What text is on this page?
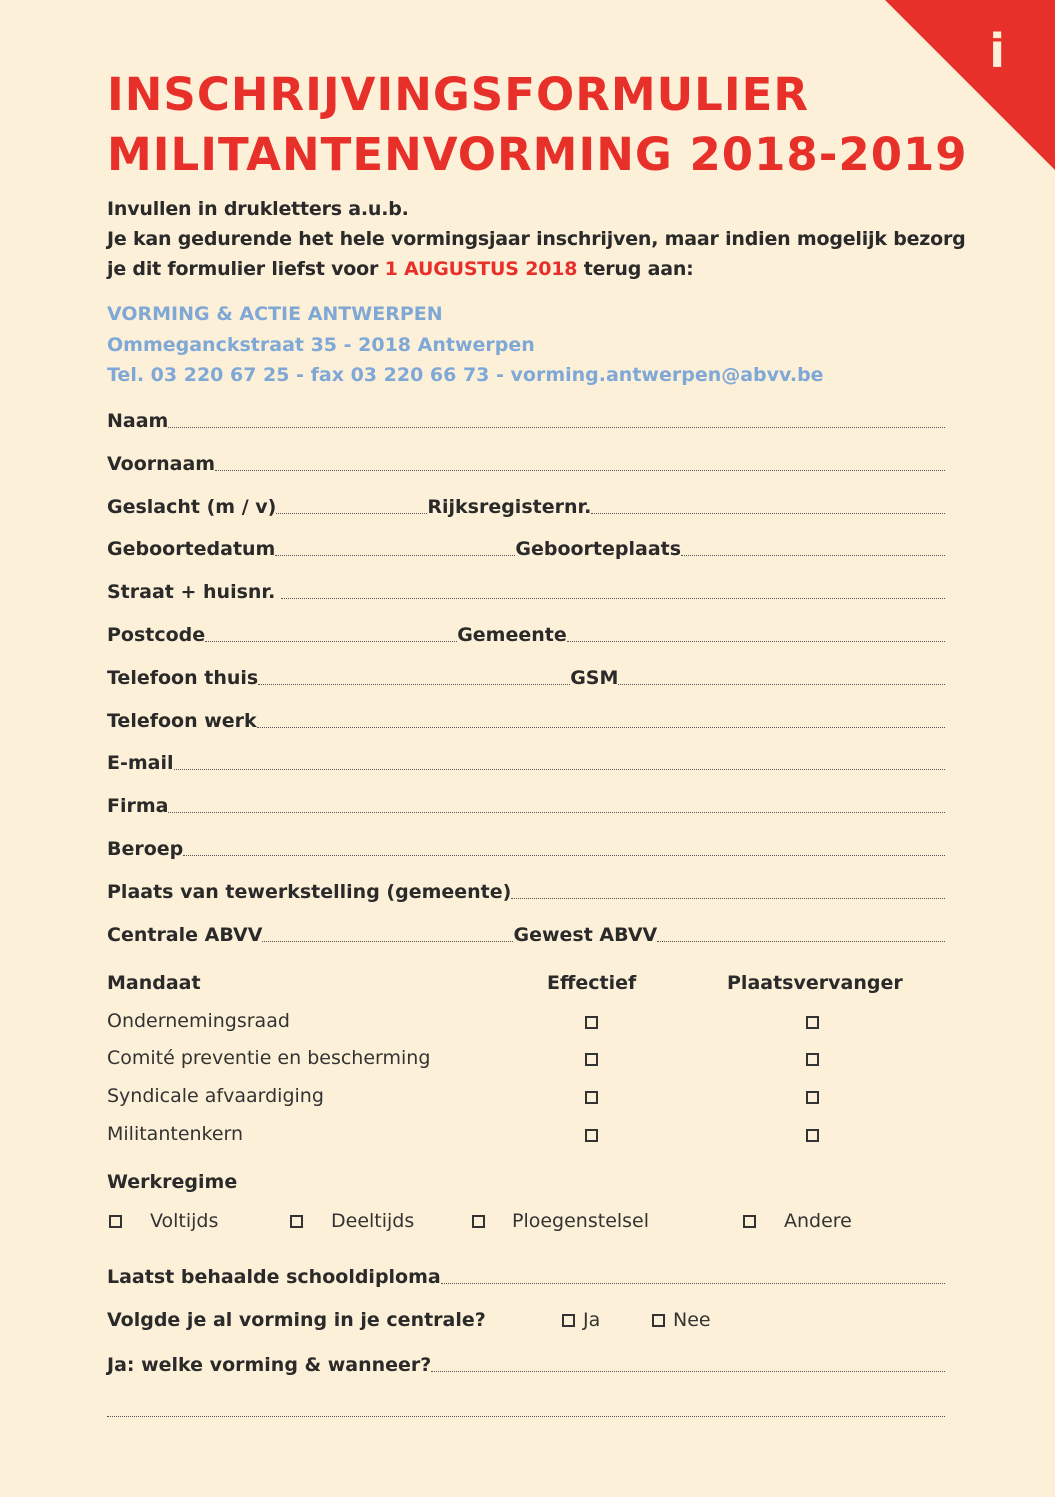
i
INSCHRIJVINGSFORMULIER
MILITANTENVORMING 2018-2019
Invullen in drukletters a.u.b.
Je kan gedurende het hele vormingsjaar inschrijven, maar indien mogelijk bezorg
je dit formulier liefst voor 1 AUGUSTUS 2018 terug aan:
VORMING & ACTIE ANTWERPEN
Ommeganckstraat 35 - 2018 Antwerpen
Tel. 03 220 67 25 - fax 03 220 66 73 - vorming.antwerpen@abvv.be
Naam
Voornaam
Geslacht (m / v)	Rijksregisternr.
Geboortedatum	Geboorteplaats
Straat + huisnr.
Postcode	Gemeente
Telefoon thuis	GSM
Telefoon werk
E-mail
Firma
Beroep
Plaats van tewerkstelling (gemeente)
Centrale ABVV	Gewest ABVV
Mandaat	Effectief	Plaatsvervanger
Ondernemingsraad
Comité preventie en bescherming
Syndicale afvaardiging
Militantenkern
Werkregime
Voltijds	Deeltijds	Ploegenstelsel	Andere
Laatst behaalde schooldiploma
Volgde je al vorming in je centrale?	Ja	Nee
Ja: welke vorming & wanneer?
